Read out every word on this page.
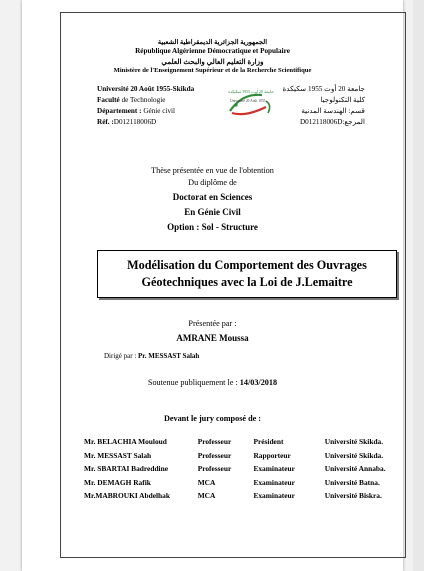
الجمهورية الجزائرية الديمقراطية الشعبية
République Algérienne Démocratique et Populaire
وزارة التعليم العالي والبحث العلمي
Ministère de l'Enseignement Supérieur et de la Recherche Scientifique
Université 20 Août 1955-Skikda
Faculté de Technologie
Département : Génie civil
Réf. :D012118006D
جامعة 20 أوت 1955 سكيكدة
Université 20 Août 1955
جامعة 20 أوت 1955 سكيكدة
كلية التكنولوجيا
قسم: الهندسة المدنية
D012118006D:المرجع
Thèse présentée en vue de l'obtention
Du diplôme de
Doctorat en Sciences
En Génie Civil
Option : Sol - Structure
Modélisation du Comportement des Ouvrages
Géotechniques avec la Loi de J.Lemaitre
Présentée par :
AMRANE Moussa
Dirigé par : Pr. MESSAST Salah
Soutenue publiquement le : 14/03/2018
Devant le jury composé de :
Mr. BELACHIA Mouloud	Professeur	Président	Université Skikda.
Mr. MESSAST Salah	Professeur	Rapporteur	Université Skikda.
Mr. SBARTAI Badreddine	Professeur	Examinateur	Université Annaba.
Mr. DEMAGH Rafik	MCA	Examinateur	Université Batna.
Mr.MABROUKI Abdelhak	MCA	Examinateur	Université Biskra.
